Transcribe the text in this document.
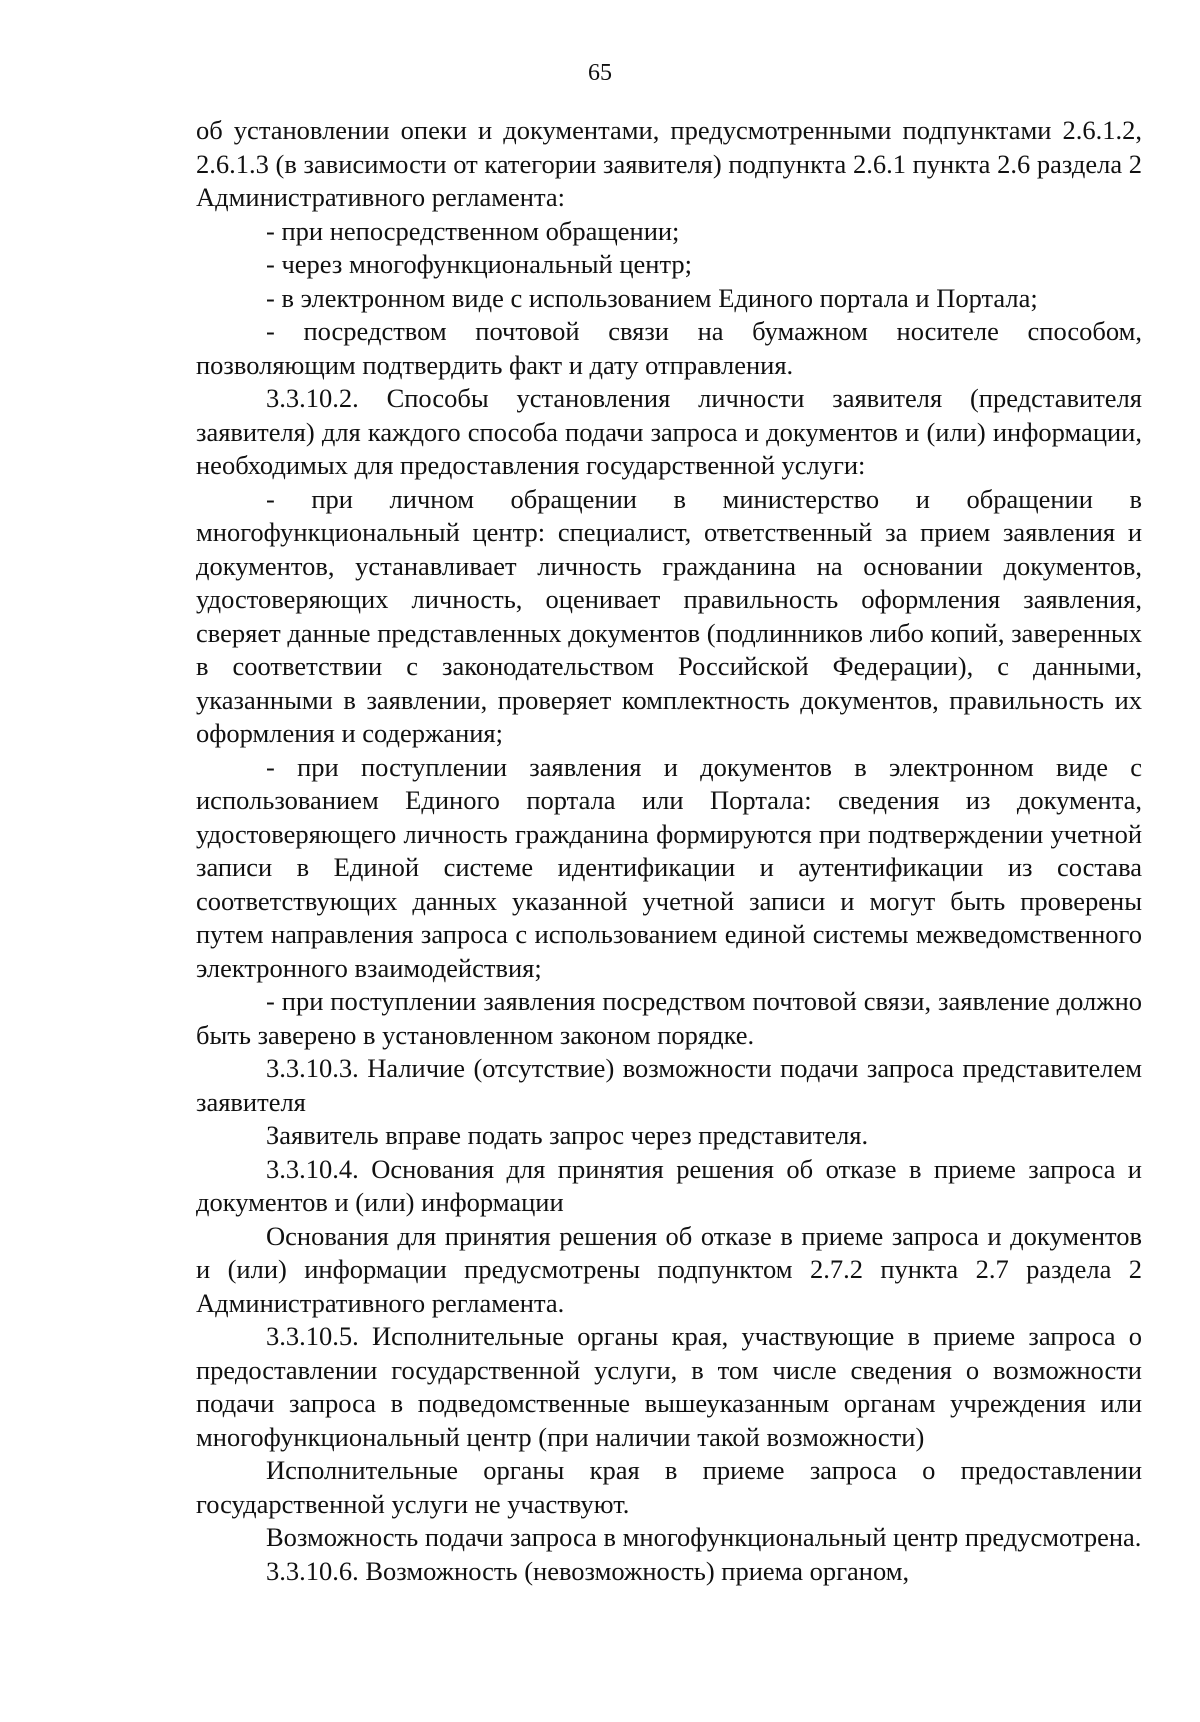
65

об установлении опеки и документами, предусмотренными подпунктами 2.6.1.2, 2.6.1.3 (в зависимости от категории заявителя) подпункта 2.6.1 пункта 2.6 раздела 2 Административного регламента:

- при непосредственном обращении;

- через многофункциональный центр;

- в электронном виде с использованием Единого портала и Портала;

- посредством почтовой связи на бумажном носителе способом, позволяющим подтвердить факт и дату отправления.

3.3.10.2. Способы установления личности заявителя (представителя заявителя) для каждого способа подачи запроса и документов и (или) информации, необходимых для предоставления государственной услуги:

- при личном обращении в министерство и обращении в многофункциональный центр: специалист, ответственный за прием заявления и документов, устанавливает личность гражданина на основании документов, удостоверяющих личность, оценивает правильность оформления заявления, сверяет данные представленных документов (подлинников либо копий, заверенных в соответствии с законодательством Российской Федерации), с данными, указанными в заявлении, проверяет комплектность документов, правильность их оформления и содержания;

- при поступлении заявления и документов в электронном виде с использованием Единого портала или Портала: сведения из документа, удостоверяющего личность гражданина формируются при подтверждении учетной записи в Единой системе идентификации и аутентификации из состава соответствующих данных указанной учетной записи и могут быть проверены путем направления запроса с использованием единой системы межведомственного электронного взаимодействия;

- при поступлении заявления посредством почтовой связи, заявление должно быть заверено в установленном законом порядке.

3.3.10.3. Наличие (отсутствие) возможности подачи запроса представителем заявителя

Заявитель вправе подать запрос через представителя.

3.3.10.4. Основания для принятия решения об отказе в приеме запроса и документов и (или) информации

Основания для принятия решения об отказе в приеме запроса и документов и (или) информации предусмотрены подпунктом 2.7.2 пункта 2.7 раздела 2 Административного регламента.

3.3.10.5. Исполнительные органы края, участвующие в приеме запроса о предоставлении государственной услуги, в том числе сведения о возможности подачи запроса в подведомственные вышеуказанным органам учреждения или многофункциональный центр (при наличии такой возможности)

Исполнительные органы края в приеме запроса о предоставлении государственной услуги не участвуют.

Возможность подачи запроса в многофункциональный центр предусмотрена.

3.3.10.6. Возможность (невозможность) приема органом,
